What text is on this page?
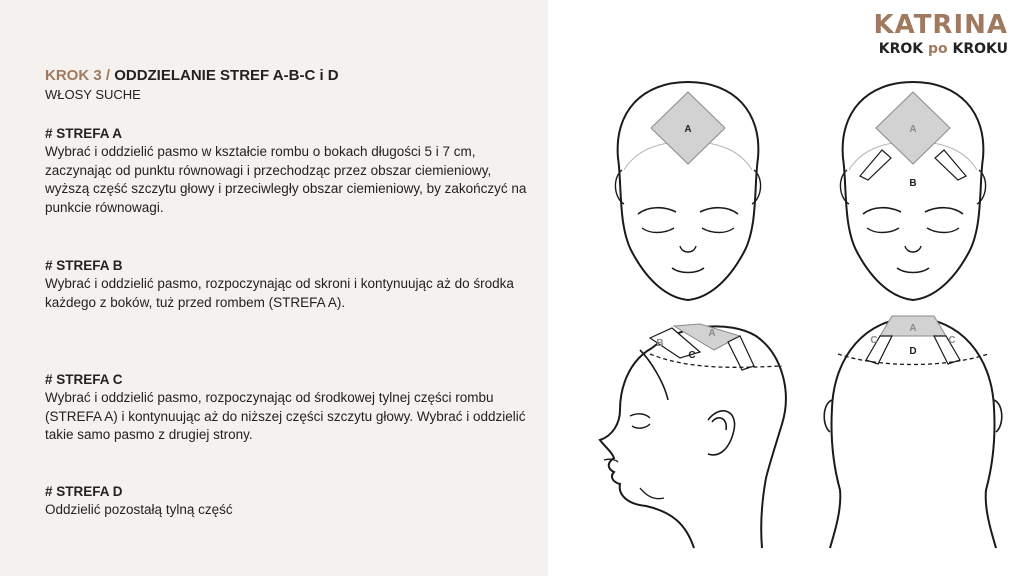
KATRINA
KROK po KROKU
KROK 3 / ODDZIELANIE STREF A-B-C i D
WŁOSY SUCHE
# STREFA A

Wybrać i oddzielić pasmo w kształcie rombu o bokach długości 5 i 7 cm, zaczynając od punktu równowagi i przechodząc przez obszar ciemieniowy, wyższą część szczytu głowy i przeciwległy obszar ciemieniowy, by zakończyć na punkcie równowagi.

# STREFA B

Wybrać i oddzielić pasmo, rozpoczynając od skroni i kontynuując aż do środka każdego z boków, tuż przed rombem (STREFA A).

# STREFA C

Wybrać i oddzielić pasmo, rozpoczynając od środkowej tylnej części rombu (STREFA A) i kontynuując aż do niższej części szczytu głowy. Wybrać i oddzielić takie samo pasmo z drugiej strony.

# STREFA D

Oddzielić pozostałą tylną część

A	A
B
A
B
C
A
C	C
D
